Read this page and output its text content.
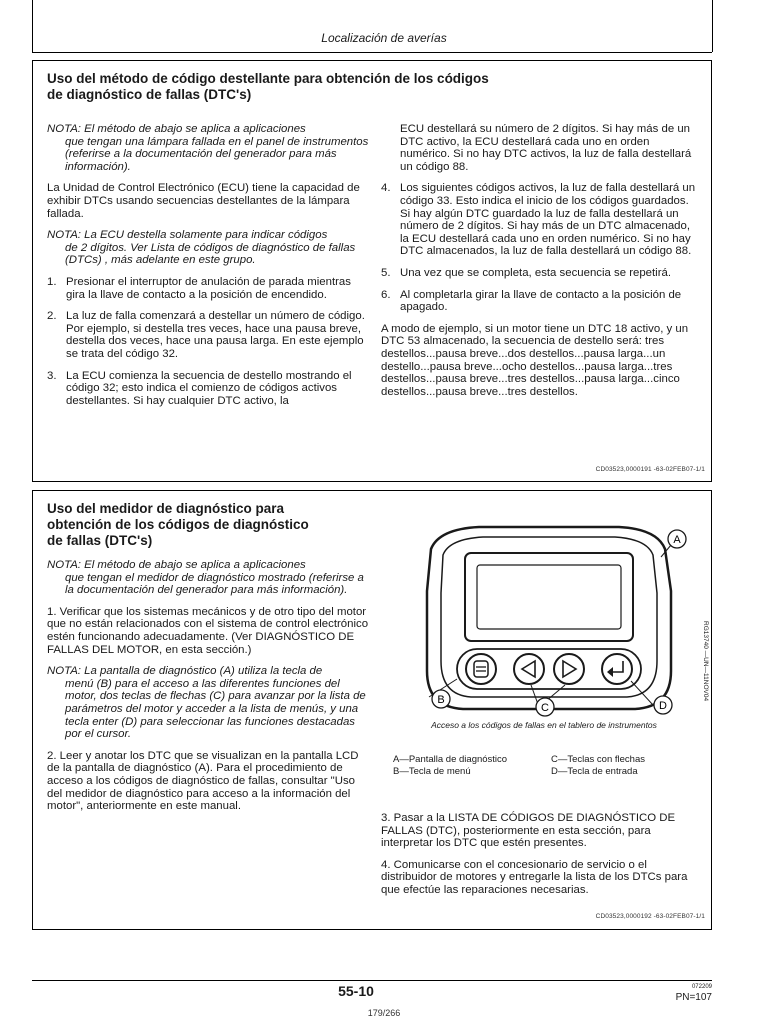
Localización de averías
Uso del método de código destellante para obtención de los códigos
de diagnóstico de fallas (DTC's)

NOTA: El método de abajo se aplica a aplicaciones
que tengan una lámpara fallada en el panel de instrumentos (referirse a la documentación del generador para más información).

La Unidad de Control Electrónico (ECU) tiene la capacidad de exhibir DTCs usando secuencias destellantes de la lámpara fallada.

NOTA: La ECU destella solamente para indicar códigos
de 2 dígitos. Ver Lista de códigos de diagnóstico de fallas (DTCs) , más adelante en este grupo.

1. Presionar el interruptor de anulación de parada mientras gira la llave de contacto a la posición de encendido.
2. La luz de falla comenzará a destellar un número de código. Por ejemplo, si destella tres veces, hace una pausa breve, destella dos veces, hace una pausa larga. En este ejemplo se trata del código 32.
3. La ECU comienza la secuencia de destello mostrando el código 32; esto indica el comienzo de códigos activos destellantes. Si hay cualquier DTC activo, la

ECU destellará su número de 2 dígitos. Si hay más de un DTC activo, la ECU destellará cada uno en orden numérico. Si no hay DTC activos, la luz de falla destellará un código 88.

4. Los siguientes códigos activos, la luz de falla destellará un código 33. Esto indica el inicio de los códigos guardados. Si hay algún DTC guardado la luz de falla destellará un número de 2 dígitos. Si hay más de un DTC almacenado, la ECU destellará cada uno en orden numérico. Si no hay DTC almacenados, la luz de falla destellará un código 88.
5. Una vez que se completa, esta secuencia se repetirá.
6. Al completarla girar la llave de contacto a la posición de apagado.

A modo de ejemplo, si un motor tiene un DTC 18 activo, y un DTC 53 almacenado, la secuencia de destello será: tres destellos...pausa breve...dos destellos...pausa larga...un destello...pausa breve...ocho destellos...pausa larga...tres destellos...pausa breve...tres destellos...pausa larga...cinco destellos...pausa breve...tres destellos.

CD03523,0000191 -63-02FEB07-1/1
Uso del medidor de diagnóstico para
obtención de los códigos de diagnóstico
de fallas (DTC's)

NOTA: El método de abajo se aplica a aplicaciones
que tengan el medidor de diagnóstico mostrado (referirse a la documentación del generador para más información).

1. Verificar que los sistemas mecánicos y de otro tipo del motor que no están relacionados con el sistema de control electrónico estén funcionando adecuadamente. (Ver DIAGNÓSTICO DE FALLAS DEL MOTOR, en esta sección.)

NOTA: La pantalla de diagnóstico (A) utiliza la tecla de
menú (B) para el acceso a las diferentes funciones del motor, dos teclas de flechas (C) para avanzar por la lista de parámetros del motor y acceder a la lista de menús, y una tecla enter (D) para seleccionar las funciones destacadas por el cursor.

2. Leer y anotar los DTC que se visualizan en la pantalla LCD de la pantalla de diagnóstico (A). Para el procedimiento de acceso a los códigos de diagnóstico de fallas, consultar "Uso del medidor de diagnóstico para acceso a la información del motor", anteriormente en este manual.

A
B
C	D
RG13740 —UN—11NOV04
Acceso a los códigos de fallas en el tablero de instrumentos
A—Pantalla de diagnóstico
B—Tecla de menú
C—Teclas con flechas
D—Tecla de entrada

3. Pasar a la LISTA DE CÓDIGOS DE DIAGNÓSTICO DE FALLAS (DTC), posteriormente en esta sección, para interpretar los DTC que estén presentes.

4. Comunicarse con el concesionario de servicio o el distribuidor de motores y entregarle la lista de los DTCs para que efectúe las reparaciones necesarias.

CD03523,0000192 -63-02FEB07-1/1
55-10	072209
PN=107
179/266
